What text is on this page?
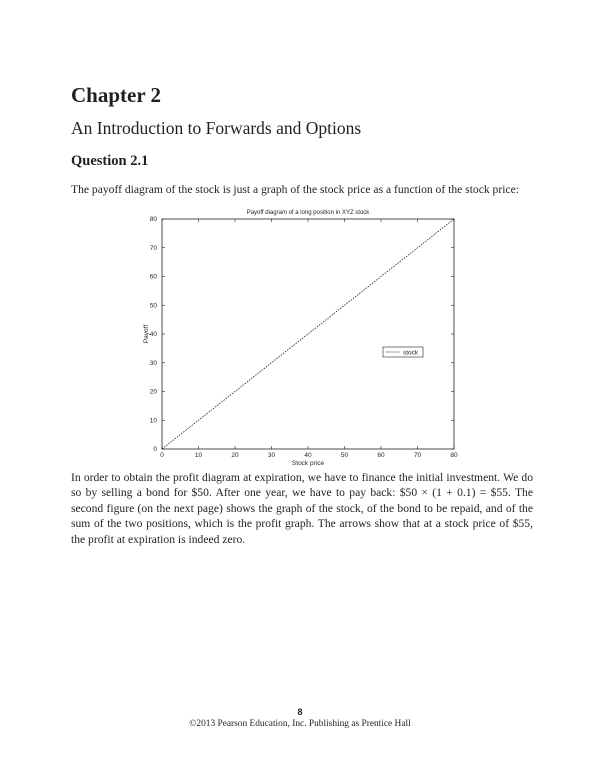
Chapter 2
An Introduction to Forwards and Options
Question 2.1

The payoff diagram of the stock is just a graph of the stock price as a function of the stock price:

Payoff diagram of a long position in XYZ stock
Stock price
Payoff
0	10	20	30	40	50	60	70	80
0
10
20
30
40
50
60
70
80
stock

In order to obtain the profit diagram at expiration, we have to finance the initial investment. We do so by selling a bond for $50. After one year, we have to pay back: $50 × (1 + 0.1) = $55. The second figure (on the next page) shows the graph of the stock, of the bond to be repaid, and of the sum of the two positions, which is the profit graph. The arrows show that at a stock price of $55, the profit at expiration is indeed zero.

8
©2013 Pearson Education, Inc. Publishing as Prentice Hall
